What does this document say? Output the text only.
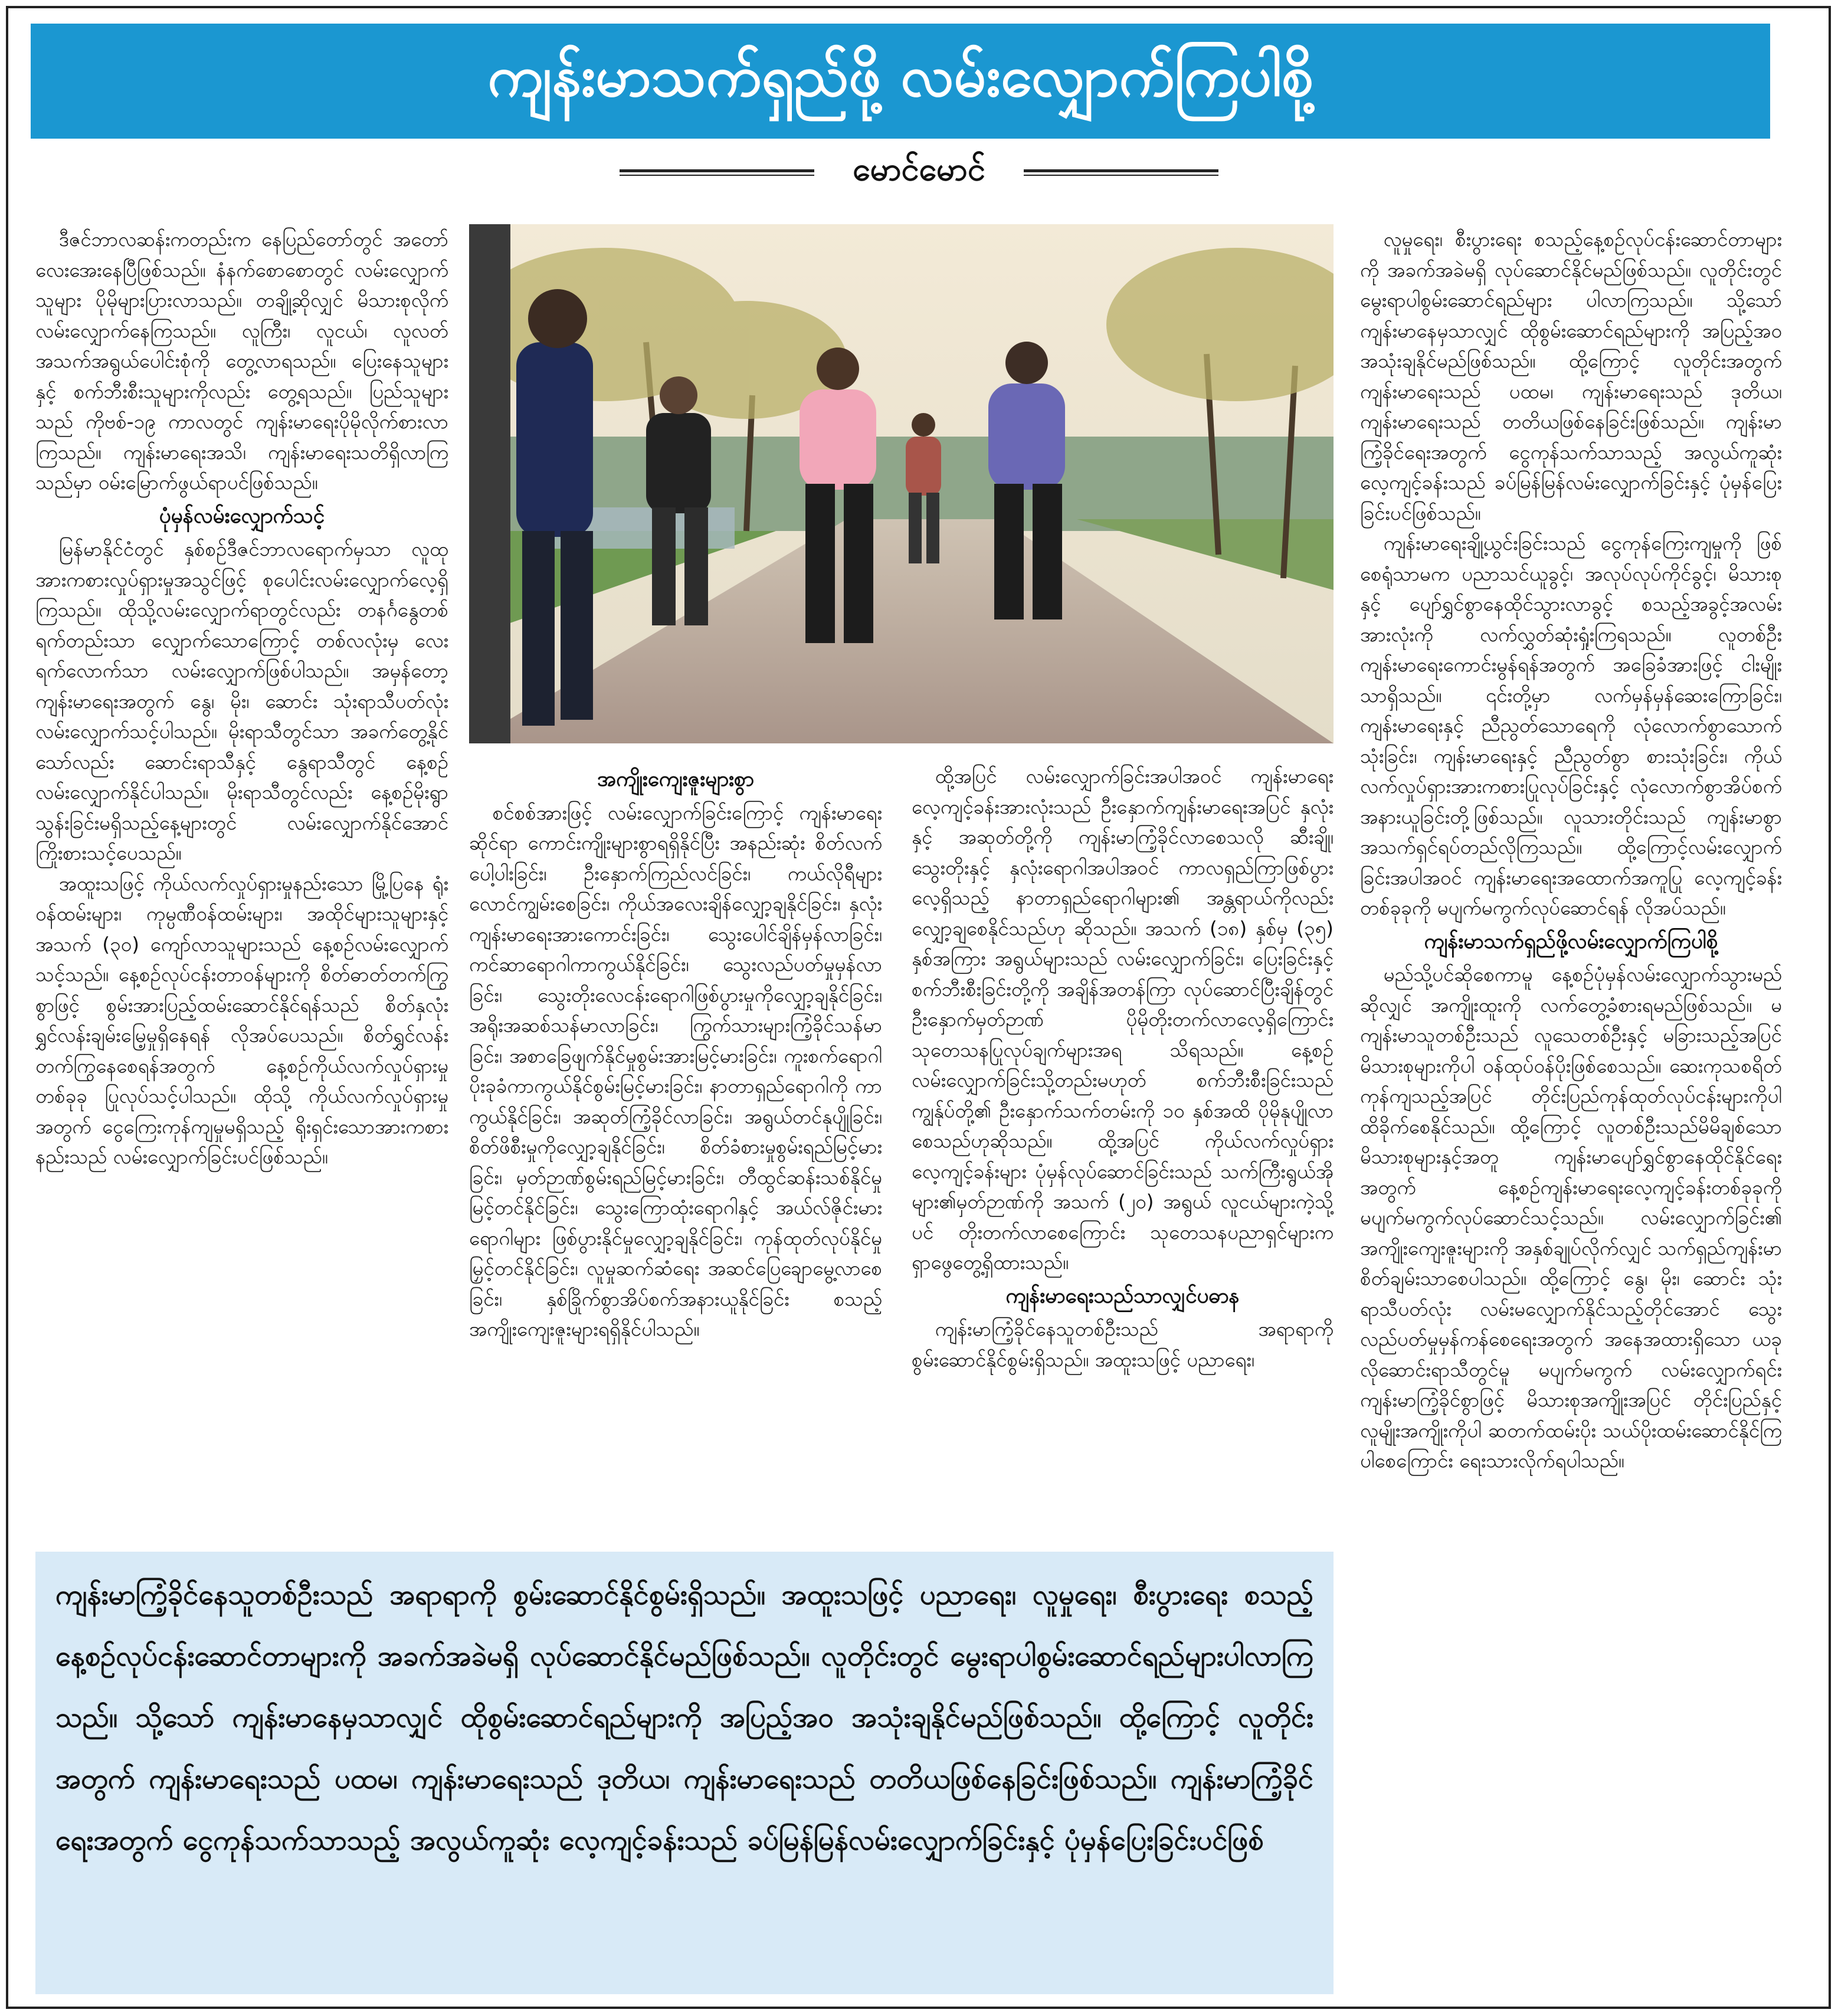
ကျန်းမာသက်ရှည်ဖို့ လမ်းလျှောက်ကြပါစို့
မောင်မောင်

ဒီဇင်ဘာလဆန်းကတည်းက နေပြည်တော်တွင် အတော်လေးအေးနေပြီဖြစ်သည်။ နံနက်စောစောတွင် လမ်းလျှောက်သူများ ပိုမိုများပြားလာသည်။ တချို့ဆိုလျှင် မိသားစုလိုက်လမ်းလျှောက်နေကြသည်။ လူကြီး၊ လူငယ်၊ လူလတ်အသက်အရွယ်ပေါင်းစုံကို တွေ့လာရသည်။ ပြေးနေသူများနှင့် စက်ဘီးစီးသူများကိုလည်း တွေ့ရသည်။ ပြည်သူများသည် ကိုဗစ်-၁၉ ကာလတွင် ကျန်းမာရေးပိုမိုလိုက်စားလာကြသည်။ ကျန်းမာရေးအသိ၊ ကျန်းမာရေးသတိရှိလာကြသည်မှာ ဝမ်းမြောက်ဖွယ်ရာပင်ဖြစ်သည်။

ပုံမှန်လမ်းလျှောက်သင့်

မြန်မာနိုင်ငံတွင် နှစ်စဉ်ဒီဇင်ဘာလရောက်မှသာ လူထုအားကစားလှုပ်ရှားမှုအသွင်ဖြင့် စုပေါင်းလမ်းလျှောက်လေ့ရှိကြသည်။ ထိုသို့လမ်းလျှောက်ရာတွင်လည်း တနင်္ဂနွေတစ်ရက်တည်းသာ လျှောက်သောကြောင့် တစ်လလုံးမှ လေးရက်လောက်သာ လမ်းလျှောက်ဖြစ်ပါသည်။ အမှန်တော့ ကျန်းမာရေးအတွက် နွေ၊ မိုး၊ ဆောင်း သုံးရာသီပတ်လုံး လမ်းလျှောက်သင့်ပါသည်။ မိုးရာသီတွင်သာ အခက်တွေ့နိုင်သော်လည်း ဆောင်းရာသီနှင့် နွေရာသီတွင် နေ့စဉ်လမ်းလျှောက်နိုင်ပါသည်။ မိုးရာသီတွင်လည်း နေ့စဉ်မိုးရွာသွန်းခြင်းမရှိသည့်နေ့များတွင် လမ်းလျှောက်နိုင်အောင် ကြိုးစားသင့်ပေသည်။

အထူးသဖြင့် ကိုယ်လက်လှုပ်ရှားမှုနည်းသော မြို့ပြနေ ရုံးဝန်ထမ်းများ၊ ကုမ္ပဏီဝန်ထမ်းများ၊ အထိုင်များသူများနှင့် အသက် (၃၀) ကျော်လာသူများသည် နေ့စဉ်လမ်းလျှောက်သင့်သည်။ နေ့စဉ်လုပ်ငန်းတာဝန်များကို စိတ်ဓာတ်တက်ကြွစွာဖြင့် စွမ်းအားပြည့်ထမ်းဆောင်နိုင်ရန်သည် စိတ်နှလုံးရွှင်လန်းချမ်းမြေ့မှုရှိနေရန် လိုအပ်ပေသည်။ စိတ်ရွှင်လန်းတက်ကြွနေစေရန်အတွက် နေ့စဉ်ကိုယ်လက်လှုပ်ရှားမှုတစ်ခုခု ပြုလုပ်သင့်ပါသည်။ ထိုသို့ ကိုယ်လက်လှုပ်ရှားမှုအတွက် ငွေကြေးကုန်ကျမှုမရှိသည့် ရိုးရှင်းသောအားကစားနည်းသည် လမ်းလျှောက်ခြင်းပင်ဖြစ်သည်။

အကျိုးကျေးဇူးများစွာ

စင်စစ်အားဖြင့် လမ်းလျှောက်ခြင်းကြောင့် ကျန်းမာရေးဆိုင်ရာ ကောင်းကျိုးများစွာရရှိနိုင်ပြီး အနည်းဆုံး စိတ်လက်ပေါ့ပါးခြင်း၊ ဦးနှောက်ကြည်လင်ခြင်း၊ ကယ်လိုရီများလောင်ကျွမ်းစေခြင်း၊ ကိုယ်အလေးချိန်လျှော့ချနိုင်ခြင်း၊ နှလုံးကျန်းမာရေးအားကောင်းခြင်း၊ သွေးပေါင်ချိန်မှန်လာခြင်း၊ ကင်ဆာရောဂါကာကွယ်နိုင်ခြင်း၊ သွေးလည်ပတ်မှုမှန်လာခြင်း၊ သွေးတိုးလေငန်းရောဂါဖြစ်ပွားမှုကိုလျှော့ချနိုင်ခြင်း၊ အရိုးအဆစ်သန်မာလာခြင်း၊ ကြွက်သားများကြံ့ခိုင်သန်မာခြင်း၊ အစာခြေဖျက်နိုင်မှုစွမ်းအားမြင့်မားခြင်း၊ ကူးစက်ရောဂါပိုးခုခံကာကွယ်နိုင်စွမ်းမြင့်မားခြင်း၊ နာတာရှည်ရောဂါကို ကာကွယ်နိုင်ခြင်း၊ အဆုတ်ကြံ့ခိုင်လာခြင်း၊ အရွယ်တင်နုပျိုခြင်း၊ စိတ်ဖိစီးမှုကိုလျှော့ချနိုင်ခြင်း၊ စိတ်ခံစားမှုစွမ်းရည်မြင့်မားခြင်း၊ မှတ်ဉာဏ်စွမ်းရည်မြင့်မားခြင်း၊ တီထွင်ဆန်းသစ်နိုင်မှုမြင့်တင်နိုင်ခြင်း၊ သွေးကြောထုံးရောဂါနှင့် အယ်လ်ဇိုင်းမားရောဂါများ ဖြစ်ပွားနိုင်မှုလျှော့ချနိုင်ခြင်း၊ ကုန်ထုတ်လုပ်နိုင်မှု မြှင့်တင်နိုင်ခြင်း၊ လူမှုဆက်ဆံရေး အဆင်ပြေချောမွေ့လာစေခြင်း၊ နှစ်ခြိုက်စွာအိပ်စက်အနားယူနိုင်ခြင်း စသည့် အကျိုးကျေးဇူးများရရှိနိုင်ပါသည်။

ထို့အပြင် လမ်းလျှောက်ခြင်းအပါအဝင် ကျန်းမာရေးလေ့ကျင့်ခန်းအားလုံးသည် ဦးနှောက်ကျန်းမာရေးအပြင် နှလုံးနှင့် အဆုတ်တို့ကို ကျန်းမာကြံ့ခိုင်လာစေသလို ဆီးချို၊ သွေးတိုးနှင့် နှလုံးရောဂါအပါအဝင် ကာလရှည်ကြာဖြစ်ပွားလေ့ရှိသည့် နာတာရှည်ရောဂါများ၏ အန္တရာယ်ကိုလည်း လျှော့ချစေနိုင်သည်ဟု ဆိုသည်။ အသက် (၁၈) နှစ်မှ (၃၅) နှစ်အကြား အရွယ်များသည် လမ်းလျှောက်ခြင်း၊ ပြေးခြင်းနှင့် စက်ဘီးစီးခြင်းတို့ကို အချိန်အတန်ကြာ လုပ်ဆောင်ပြီးချိန်တွင် ဦးနှောက်မှတ်ဉာဏ် ပိုမိုတိုးတက်လာလေ့ရှိကြောင်း သုတေသနပြုလုပ်ချက်များအရ သိရသည်။ နေ့စဉ်လမ်းလျှောက်ခြင်းသို့တည်းမဟုတ် စက်ဘီးစီးခြင်းသည် ကျွန်ုပ်တို့၏ ဦးနှောက်သက်တမ်းကို ၁၀ နှစ်အထိ ပိုမိုနုပျိုလာစေသည်ဟုဆိုသည်။ ထို့အပြင် ကိုယ်လက်လှုပ်ရှားလေ့ကျင့်ခန်းများ ပုံမှန်လုပ်ဆောင်ခြင်းသည် သက်ကြီးရွယ်အိုများ၏မှတ်ဉာဏ်ကို အသက် (၂၀) အရွယ် လူငယ်များကဲ့သို့ပင် တိုးတက်လာစေကြောင်း သုတေသနပညာရှင်များက ရှာဖွေတွေ့ရှိထားသည်။

ကျန်းမာရေးသည်သာလျှင်ပဓာန

ကျန်းမာကြံ့ခိုင်နေသူတစ်ဦးသည် အရာရာကို စွမ်းဆောင်နိုင်စွမ်းရှိသည်။ အထူးသဖြင့် ပညာရေး၊

လူမှုရေး၊ စီးပွားရေး စသည့်နေ့စဉ်လုပ်ငန်းဆောင်တာများကို အခက်အခဲမရှိ လုပ်ဆောင်နိုင်မည်ဖြစ်သည်။ လူတိုင်းတွင် မွေးရာပါစွမ်းဆောင်ရည်များ ပါလာကြသည်။ သို့သော်ကျန်းမာနေမှသာလျှင် ထိုစွမ်းဆောင်ရည်များကို အပြည့်အဝအသုံးချနိုင်မည်ဖြစ်သည်။ ထို့ကြောင့် လူတိုင်းအတွက် ကျန်းမာရေးသည် ပထမ၊ ကျန်းမာရေးသည် ဒုတိယ၊ ကျန်းမာရေးသည် တတိယဖြစ်နေခြင်းဖြစ်သည်။ ကျန်းမာကြံ့ခိုင်ရေးအတွက် ငွေကုန်သက်သာသည့် အလွယ်ကူဆုံးလေ့ကျင့်ခန်းသည် ခပ်မြန်မြန်လမ်းလျှောက်ခြင်းနှင့် ပုံမှန်ပြေးခြင်းပင်ဖြစ်သည်။

ကျန်းမာရေးချို့ယွင်းခြင်းသည် ငွေကုန်ကြေးကျမှုကို ဖြစ်စေရုံသာမက ပညာသင်ယူခွင့်၊ အလုပ်လုပ်ကိုင်ခွင့်၊ မိသားစုနှင့် ပျော်ရွှင်စွာနေထိုင်သွားလာခွင့် စသည့်အခွင့်အလမ်းအားလုံးကို လက်လွှတ်ဆုံးရှုံးကြရသည်။ လူတစ်ဦးကျန်းမာရေးကောင်းမွန်ရန်အတွက် အခြေခံအားဖြင့် ငါးမျိုးသာရှိသည်။ ၎င်းတို့မှာ လက်မှန်မှန်ဆေးကြောခြင်း၊ ကျန်းမာရေးနှင့် ညီညွတ်သောရေကို လုံလောက်စွာသောက်သုံးခြင်း၊ ကျန်းမာရေးနှင့် ညီညွတ်စွာ စားသုံးခြင်း၊ ကိုယ်လက်လှုပ်ရှားအားကစားပြုလုပ်ခြင်းနှင့် လုံလောက်စွာအိပ်စက်အနားယူခြင်းတို့ဖြစ်သည်။ လူသားတိုင်းသည် ကျန်းမာစွာအသက်ရှင်ရပ်တည်လိုကြသည်။ ထို့ကြောင့်လမ်းလျှောက်ခြင်းအပါအဝင် ကျန်းမာရေးအထောက်အကူပြု လေ့ကျင့်ခန်းတစ်ခုခုကို မပျက်မကွက်လုပ်ဆောင်ရန် လိုအပ်သည်။

ကျန်းမာသက်ရှည်ဖို့လမ်းလျှောက်ကြပါစို့

မည်သို့ပင်ဆိုစေကာမူ နေ့စဉ်ပုံမှန်လမ်းလျှောက်သွားမည်ဆိုလျှင် အကျိုးထူးကို လက်တွေ့ခံစားရမည်ဖြစ်သည်။ မကျန်းမာသူတစ်ဦးသည် လူသေတစ်ဦးနှင့် မခြားသည့်အပြင် မိသားစုများကိုပါ ဝန်ထုပ်ဝန်ပိုးဖြစ်စေသည်။ ဆေးကုသစရိတ်ကုန်ကျသည့်အပြင် တိုင်းပြည်ကုန်ထုတ်လုပ်ငန်းများကိုပါ ထိခိုက်စေနိုင်သည်။ ထို့ကြောင့် လူတစ်ဦးသည်မိမိချစ်သောမိသားစုများနှင့်အတူ ကျန်းမာပျော်ရွှင်စွာနေထိုင်နိုင်ရေးအတွက် နေ့စဉ်ကျန်းမာရေးလေ့ကျင့်ခန်းတစ်ခုခုကို မပျက်မကွက်လုပ်ဆောင်သင့်သည်။ လမ်းလျှောက်ခြင်း၏ အကျိုးကျေးဇူးများကို အနှစ်ချုပ်လိုက်လျှင် သက်ရှည်ကျန်းမာစိတ်ချမ်းသာစေပါသည်။ ထို့ကြောင့် နွေ၊ မိုး၊ ဆောင်း သုံးရာသီပတ်လုံး လမ်းမလျှောက်နိုင်သည့်တိုင်အောင် သွေးလည်ပတ်မှုမှန်ကန်စေရေးအတွက် အနေအထားရှိသော ယခုလိုဆောင်းရာသီတွင်မူ မပျက်မကွက် လမ်းလျှောက်ရင်း ကျန်းမာကြံ့ခိုင်စွာဖြင့် မိသားစုအကျိုးအပြင် တိုင်းပြည်နှင့် လူမျိုးအကျိုးကိုပါ ဆတက်ထမ်းပိုး သယ်ပိုးထမ်းဆောင်နိုင်ကြပါစေကြောင်း ရေးသားလိုက်ရပါသည်။

ကျန်းမာကြံ့ခိုင်နေသူတစ်ဦးသည် အရာရာကို စွမ်းဆောင်နိုင်စွမ်းရှိသည်။ အထူးသဖြင့် ပညာရေး၊ လူမှုရေး၊ စီးပွားရေး စသည့်နေ့စဉ်လုပ်ငန်းဆောင်တာများကို အခက်အခဲမရှိ လုပ်ဆောင်နိုင်မည်ဖြစ်သည်။ လူတိုင်းတွင် မွေးရာပါစွမ်းဆောင်ရည်များပါလာကြသည်။ သို့သော် ကျန်းမာနေမှသာလျှင် ထိုစွမ်းဆောင်ရည်များကို အပြည့်အဝ အသုံးချနိုင်မည်ဖြစ်သည်။ ထို့ကြောင့် လူတိုင်းအတွက် ကျန်းမာရေးသည် ပထမ၊ ကျန်းမာရေးသည် ဒုတိယ၊ ကျန်းမာရေးသည် တတိယဖြစ်နေခြင်းဖြစ်သည်။ ကျန်းမာကြံ့ခိုင်ရေးအတွက် ငွေကုန်သက်သာသည့် အလွယ်ကူဆုံး လေ့ကျင့်ခန်းသည် ခပ်မြန်မြန်လမ်းလျှောက်ခြင်းနှင့် ပုံမှန်ပြေးခြင်းပင်ဖြစ်
